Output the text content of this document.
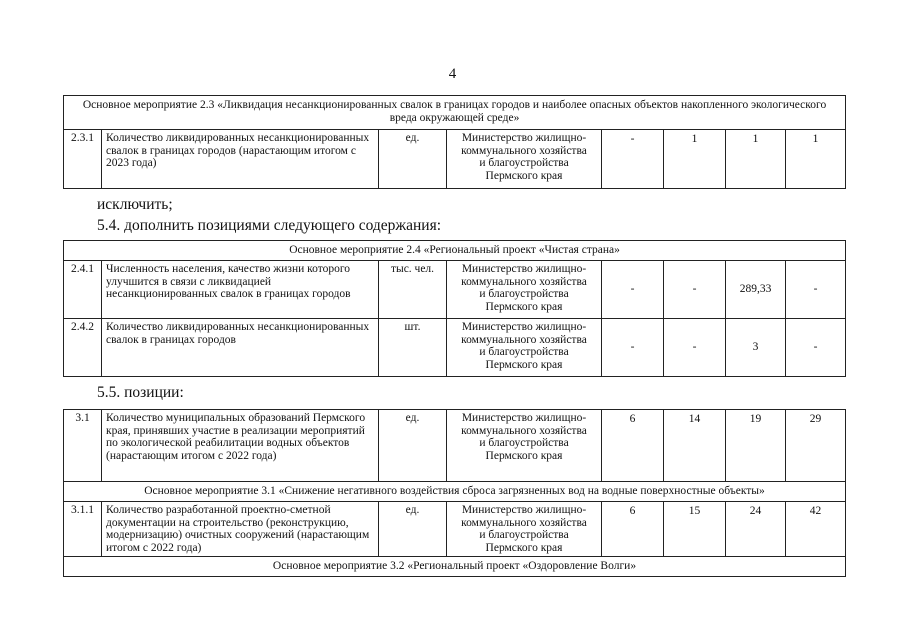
4
Основное мероприятие 2.3 «Ликвидация несанкционированных свалок в границах городов и наиболее опасных объектов накопленного экологического вреда окружающей среде»
2.3.1	Количество ликвидированных несанкционированных свалок в границах городов (нарастающим итогом с 2023 года)	ед.	Министерство жилищно-
коммунального хозяйства
и благоустройства
Пермского края
	-	1	1	1
исключить;
5.4. дополнить позициями следующего содержания:
Основное мероприятие 2.4 «Региональный проект «Чистая страна»							
2.4.1	Численность населения, качество жизни которого улучшится в связи с ликвидацией несанкционированных свалок в границах городов	тыс. чел.	Министерство жилищно-
коммунального хозяйства
и благоустройства
Пермского края	-	-	289,33	-
2.4.2	Количество ликвидированных несанкционированных свалок в границах городов	шт.	Министерство жилищно-
коммунального хозяйства
и благоустройства
Пермского края	-	-	3	-
5.5. позиции:
3.1	Количество муниципальных образований Пермского края, принявших участие в реализации мероприятий по экологической реабилитации водных объектов (нарастающим итогом с 2022 года)	ед.	Министерство жилищно-
коммунального хозяйства
и благоустройства
Пермского края	6	14	19	29
Основное мероприятие 3.1 «Снижение негативного воздействия сброса загрязненных вод на водные поверхностные объекты»							
3.1.1	Количество разработанной проектно-сметной документации на строительство (реконструкцию, модернизацию) очистных сооружений (нарастающим итогом с 2022 года)	ед.	Министерство жилищно-
коммунального хозяйства
и благоустройства
Пермского края	6	15	24	42
Основное мероприятие 3.2 «Региональный проект «Оздоровление Волги»							
